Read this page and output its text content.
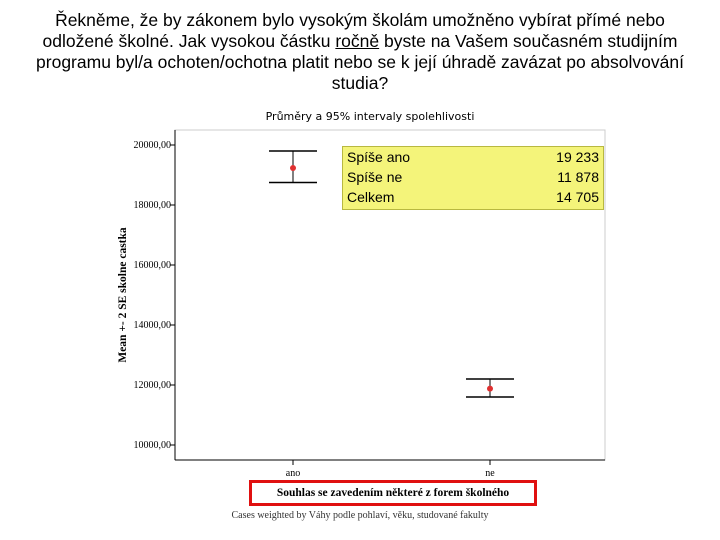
Řekněme, že by zákonem bylo vysokým školám umožněno vybírat přímé nebo odložené školné. Jak vysokou částku ročně byste na Vašem současném studijním programu byl/a ochoten/ochotna platit nebo se k její úhradě zavázat po absolvování studia?
Průměry a 95% intervaly spolehlivosti
Mean +- 2 SE skolne castka
10000,00
12000,00
14000,00
16000,00
18000,00
20000,00
ano	ne
Spíše ano	19 233
Spíše ne	11 878
Celkem	14 705
Souhlas se zavedením některé z forem školného
Cases weighted by Váhy podle pohlaví, věku, studované fakulty
